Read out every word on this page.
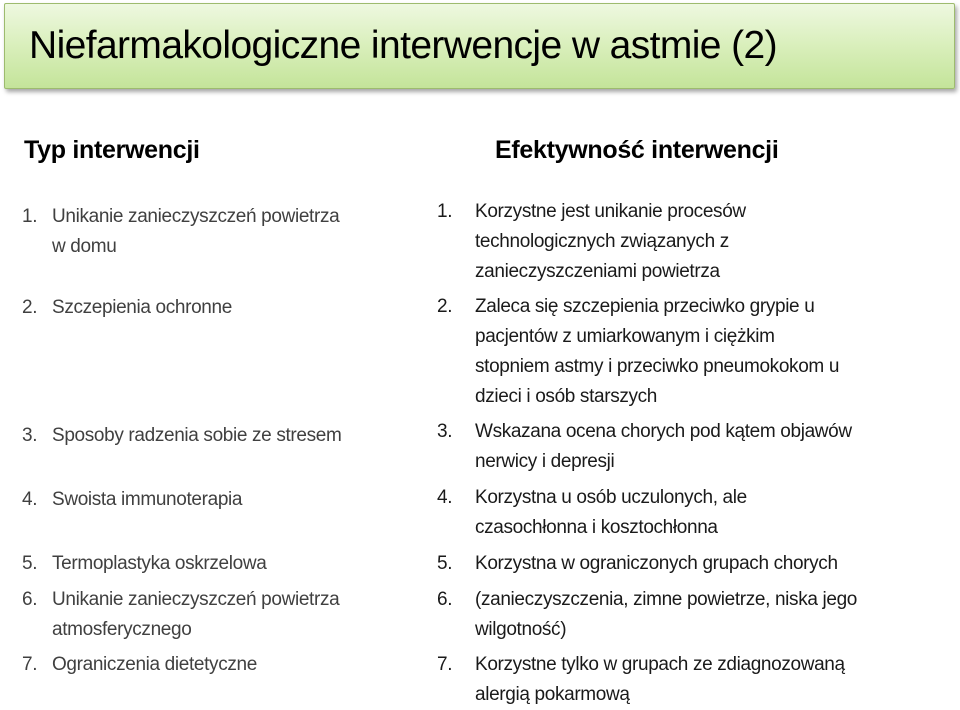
Niefarmakologiczne interwencje w astmie (2)
Typ interwencji	Efektywność interwencji
1. Unikanie zanieczyszczeń powietrza
w domu
2. Szczepienia ochronne
3. Sposoby radzenia sobie ze stresem
4. Swoista immunoterapia
5. Termoplastyka oskrzelowa
6. Unikanie zanieczyszczeń powietrza
atmosferycznego
7. Ograniczenia dietetyczne
1. Korzystne jest unikanie procesów
technologicznych związanych z
zanieczyszczeniami powietrza
2. Zaleca się szczepienia przeciwko grypie u
pacjentów z umiarkowanym i ciężkim
stopniem astmy i przeciwko pneumokokom u
dzieci i osób starszych
3. Wskazana ocena chorych pod kątem objawów
nerwicy i depresji
4. Korzystna u osób uczulonych, ale
czasochłonna i kosztochłonna
5. Korzystna w ograniczonych grupach chorych
6. (zanieczyszczenia, zimne powietrze, niska jego
wilgotność)
7. Korzystne tylko w grupach ze zdiagnozowaną
alergią pokarmową
